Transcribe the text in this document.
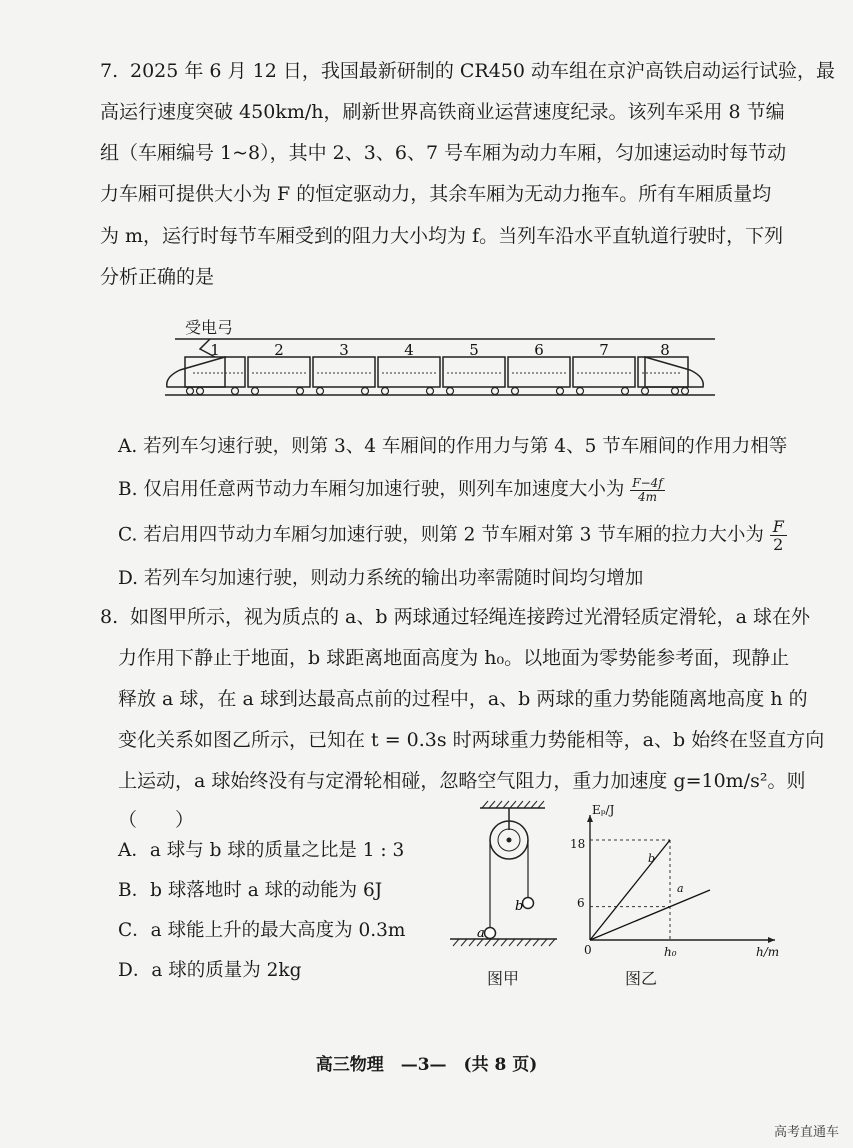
7. 2025 年 6 月 12 日，我国最新研制的 CR450 动车组在京沪高铁启动运行试验，最
高运行速度突破 450km/h，刷新世界高铁商业运营速度纪录。该列车采用 8 节编
组（车厢编号 1~8），其中 2、3、6、7 号车厢为动力车厢，匀加速运动时每节动
力车厢可提供大小为 F 的恒定驱动力，其余车厢为无动力拖车。所有车厢质量均
为 m，运行时每节车厢受到的阻力大小均为 f。当列车沿水平直轨道行驶时，下列
分析正确的是
受电弓
1	2	3	4	5	6	7	8
A. 若列车匀速行驶，则第 3、4 车厢间的作用力与第 4、5 节车厢间的作用力相等
B. 仅启用任意两节动力车厢匀加速行驶，则列车加速度大小为 $\frac{F-4f}{4m}$
C. 若启用四节动力车厢匀加速行驶，则第 2 节车厢对第 3 节车厢的拉力大小为 $\frac{F}{2}$
D. 若列车匀加速行驶，则动力系统的输出功率需随时间均匀增加
8. 如图甲所示，视为质点的 a、b 两球通过轻绳连接跨过光滑轻质定滑轮，a 球在外
力作用下静止于地面，b 球距离地面高度为 h₀。以地面为零势能参考面，现静止
释放 a 球，在 a 球到达最高点前的过程中，a、b 两球的重力势能随离地高度 h 的
变化关系如图乙所示，已知在 t = 0.3s 时两球重力势能相等，a、b 始终在竖直方向
上运动，a 球始终没有与定滑轮相碰，忽略空气阻力，重力加速度 g=10m/s²。则
（　　）
A．a 球与 b 球的质量之比是 1 : 3
B．b 球落地时 a 球的动能为 6J
C．a 球能上升的最大高度为 0.3m
D．a 球的质量为 2kg
a
b
图甲
Eₚ/J
h/m
0
18
6
h₀
b
a
图乙
高三物理　—3—　(共 8 页)
高考直通车
